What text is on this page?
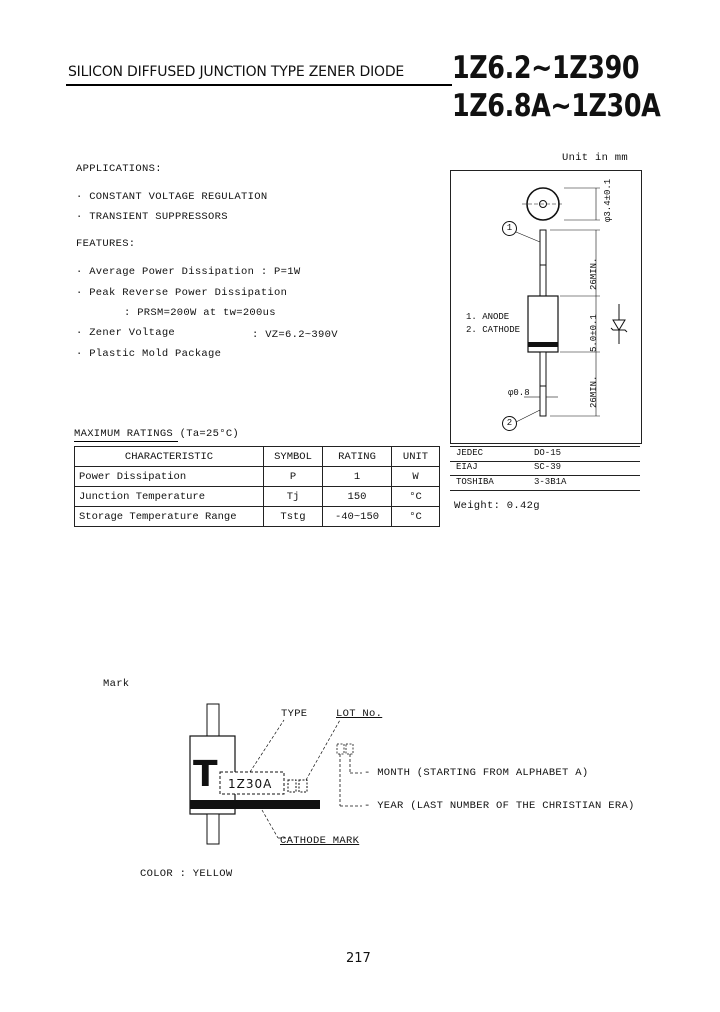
SILICON DIFFUSED JUNCTION TYPE ZENER DIODE 1Z6.2~1Z390
1Z6.8A~1Z30A
Unit in mm
APPLICATIONS:
· CONSTANT VOLTAGE REGULATION
· TRANSIENT SUPPRESSORS
FEATURES:
· Average Power Dissipation : P=1W
· Peak Reverse Power Dissipation
: PRSM=200W at tw=200us
· Zener Voltage	: VZ=6.2~390V
· Plastic Mold Package
MAXIMUM RATINGS (Ta=25°C)
CHARACTERISTIC	SYMBOL	RATING	UNIT
Power Dissipation	P	1	W
Junction Temperature	Tj	150	°C
Storage Temperature Range	Tstg	-40~150	°C
1
2
φ3.4±0.1
26MIN.
5.0±0.1
26MIN.
φ0.8
1. ANODE
2. CATHODE
JEDEC	DO-15
EIAJ	SC-39
TOSHIBA	3-3B1A
Weight: 0.42g
Mark
T 1Z30A
TYPE	LOT No.
- MONTH (STARTING FROM ALPHABET A)
- YEAR (LAST NUMBER OF THE CHRISTIAN ERA)
CATHODE MARK
COLOR : YELLOW
217
